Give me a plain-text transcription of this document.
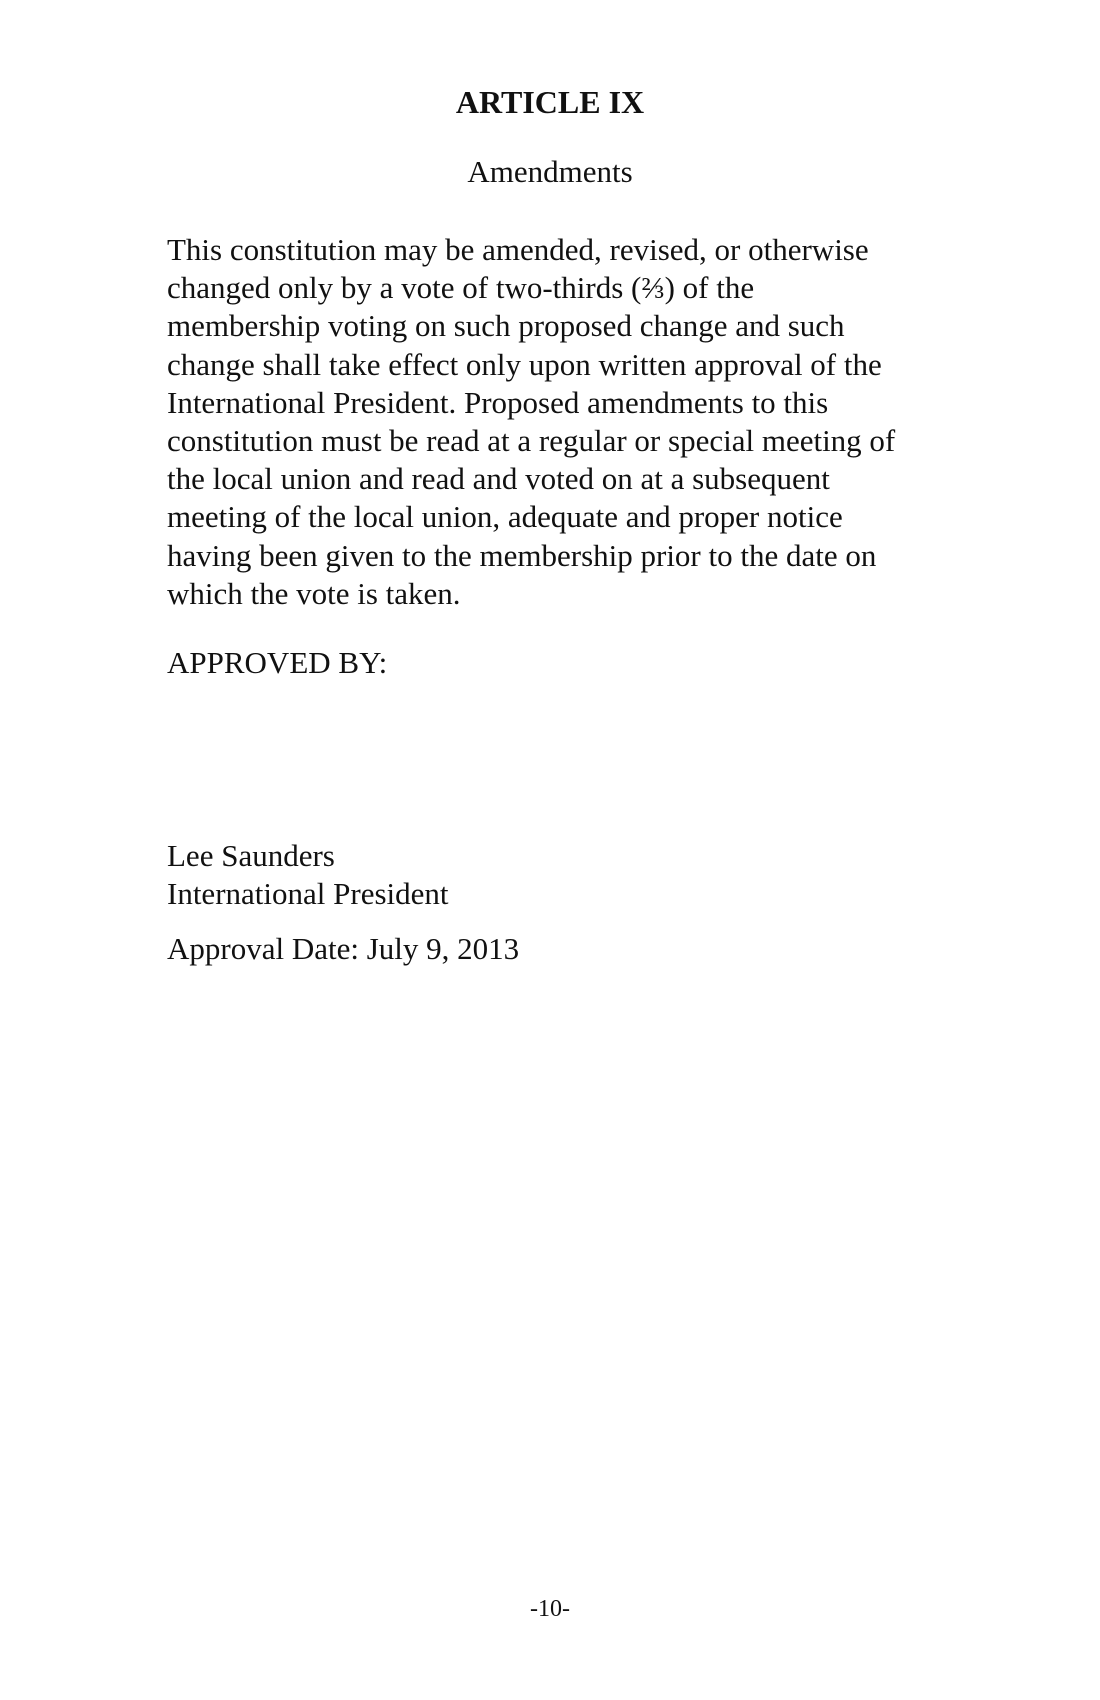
ARTICLE IX
Amendments

This constitution may be amended, revised, or otherwise
changed only by a vote of two-thirds (⅔) of the
membership voting on such proposed change and such
change shall take effect only upon written approval of the
International President. Proposed amendments to this
constitution must be read at a regular or special meeting of
the local union and read and voted on at a subsequent
meeting of the local union, adequate and proper notice
having been given to the membership prior to the date on
which the vote is taken.

APPROVED BY:
Lee Saunders
International President
Approval Date: July 9, 2013
-10-
